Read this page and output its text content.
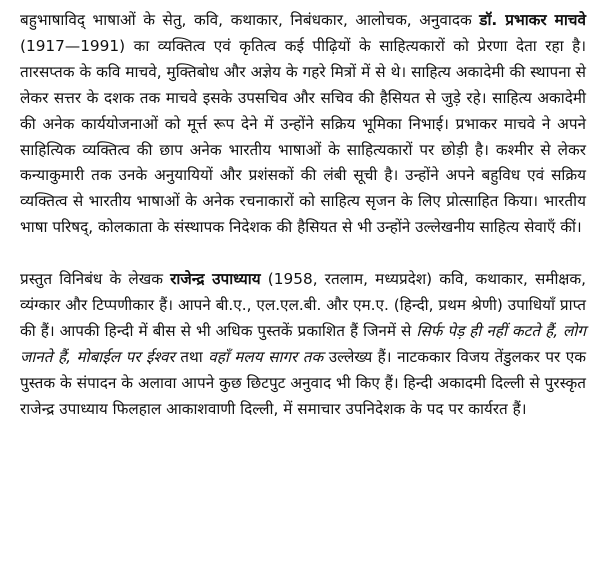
बहुभाषाविद् भाषाओं के सेतु, कवि, कथाकार, निबंधकार, आलोचक, अनुवादक डॉ. प्रभाकर माचवे (1917—1991) का व्यक्तित्व एवं कृतित्व कई पीढ़ियों के साहित्यकारों को प्रेरणा देता रहा है। तारसप्तक के कवि माचवे, मुक्तिबोध और अज्ञेय के गहरे मित्रों में से थे। साहित्य अकादेमी की स्थापना से लेकर सत्तर के दशक तक माचवे इसके उपसचिव और सचिव की हैसियत से जुड़े रहे। साहित्य अकादेमी की अनेक कार्ययोजनाओं को मूर्त्त रूप देने में उन्होंने सक्रिय भूमिका निभाई। प्रभाकर माचवे ने अपने साहित्यिक व्यक्तित्व की छाप अनेक भारतीय भाषाओं के साहित्यकारों पर छोड़ी है। कश्मीर से लेकर कन्याकुमारी तक उनके अनुयायियों और प्रशंसकों की लंबी सूची है। उन्होंने अपने बहुविध एवं सक्रिय व्यक्तित्व से भारतीय भाषाओं के अनेक रचनाकारों को साहित्य सृजन के लिए प्रोत्साहित किया। भारतीय भाषा परिषद्, कोलकाता के संस्थापक निदेशक की हैसियत से भी उन्होंने उल्लेखनीय साहित्य सेवाएँ कीं।

प्रस्तुत विनिबंध के लेखक राजेन्द्र उपाध्याय (1958, रतलाम, मध्यप्रदेश) कवि, कथाकार, समीक्षक, व्यंग्कार और टिप्पणीकार हैं। आपने बी.ए., एल.एल.बी. और एम.ए. (हिन्दी, प्रथम श्रेणी) उपाधियाँ प्राप्त की हैं। आपकी हिन्दी में बीस से भी अधिक पुस्तकें प्रकाशित हैं जिनमें से सिर्फ पेड़ ही नहीं कटते हैं, लोग जानते हैं, मोबाईल पर ईश्वर तथा वहाँ मलय सागर तक उल्लेख्य हैं। नाटककार विजय तेंडुलकर पर एक पुस्तक के संपादन के अलावा आपने कुछ छिटपुट अनुवाद भी किए हैं। हिन्दी अकादमी दिल्ली से पुरस्कृत राजेन्द्र उपाध्याय फिलहाल आकाशवाणी दिल्ली, में समाचार उपनिदेशक के पद पर कार्यरत हैं।
